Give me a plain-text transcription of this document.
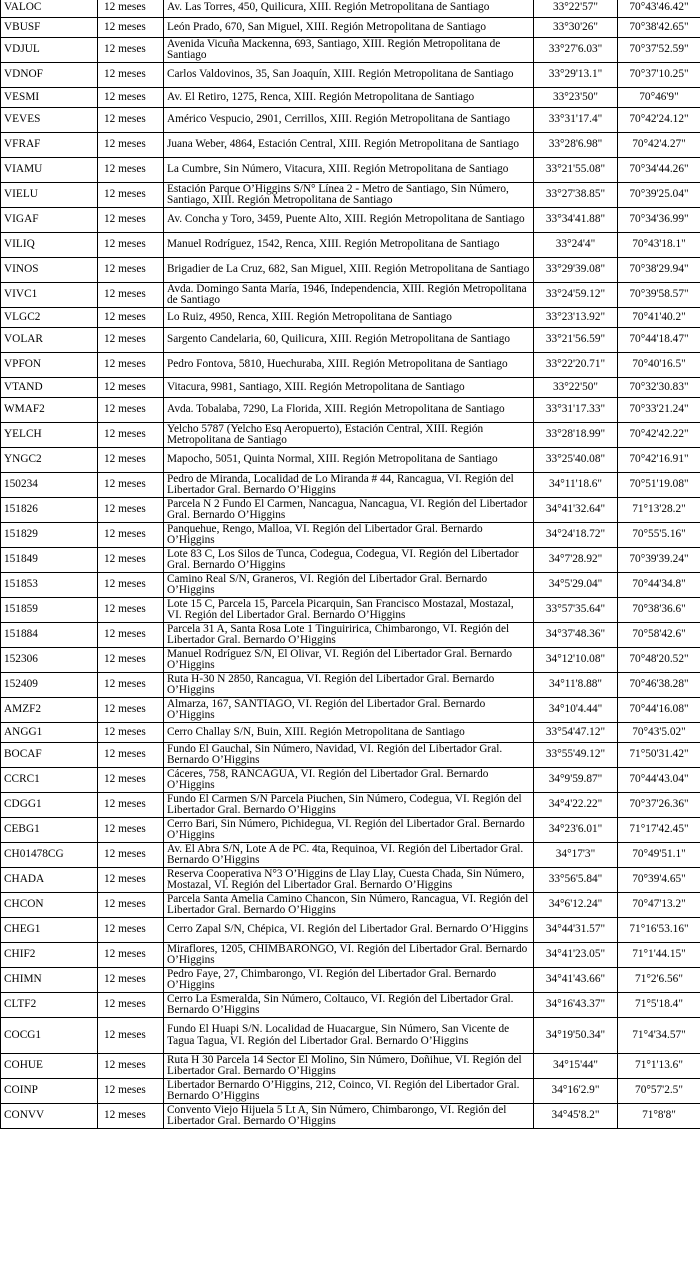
VALOC	12 meses	Av. Las Torres, 450, Quilicura, XIII. Región Metropolitana de Santiago	33°22'57"	70°43'46.42"
VBUSF	12 meses	León Prado, 670, San Miguel, XIII. Región Metropolitana de Santiago	33°30'26"	70°38'42.65"
VDJUL	12 meses	Avenida Vicuña Mackenna, 693, Santiago, XIII. Región Metropolitana de Santiago	33°27'6.03"	70°37'52.59"
VDNOF	12 meses	Carlos Valdovinos, 35, San Joaquín, XIII. Región Metropolitana de Santiago	33°29'13.1"	70°37'10.25"
VESMI	12 meses	Av. El Retiro, 1275, Renca, XIII. Región Metropolitana de Santiago	33°23'50"	70°46'9"
VEVES	12 meses	Américo Vespucio, 2901, Cerrillos, XIII. Región Metropolitana de Santiago	33°31'17.4"	70°42'24.12"
VFRAF	12 meses	Juana Weber, 4864, Estación Central, XIII. Región Metropolitana de Santiago	33°28'6.98"	70°42'4.27"
VIAMU	12 meses	La Cumbre, Sin Número, Vitacura, XIII. Región Metropolitana de Santiago	33°21'55.08"	70°34'44.26"
VIELU	12 meses	Estación Parque O’Higgins S/N° Línea 2 - Metro de Santiago, Sin Número, Santiago, XIII. Región Metropolitana de Santiago	33°27'38.85"	70°39'25.04"
VIGAF	12 meses	Av. Concha y Toro, 3459, Puente Alto, XIII. Región Metropolitana de Santiago	33°34'41.88"	70°34'36.99"
VILIQ	12 meses	Manuel Rodríguez, 1542, Renca, XIII. Región Metropolitana de Santiago	33°24'4"	70°43'18.1"
VINOS	12 meses	Brigadier de La Cruz, 682, San Miguel, XIII. Región Metropolitana de Santiago	33°29'39.08"	70°38'29.94"
VIVC1	12 meses	Avda. Domingo Santa María, 1946, Independencia, XIII. Región Metropolitana de Santiago	33°24'59.12"	70°39'58.57"
VLGC2	12 meses	Lo Ruiz, 4950, Renca, XIII. Región Metropolitana de Santiago	33°23'13.92"	70°41'40.2"
VOLAR	12 meses	Sargento Candelaria, 60, Quilicura, XIII. Región Metropolitana de Santiago	33°21'56.59"	70°44'18.47"
VPFON	12 meses	Pedro Fontova, 5810, Huechuraba, XIII. Región Metropolitana de Santiago	33°22'20.71"	70°40'16.5"
VTAND	12 meses	Vitacura, 9981, Santiago, XIII. Región Metropolitana de Santiago	33°22'50"	70°32'30.83"
WMAF2	12 meses	Avda. Tobalaba, 7290, La Florida, XIII. Región Metropolitana de Santiago	33°31'17.33"	70°33'21.24"
YELCH	12 meses	Yelcho 5787 (Yelcho Esq Aeropuerto), Estación Central, XIII. Región Metropolitana de Santiago	33°28'18.99"	70°42'42.22"
YNGC2	12 meses	Mapocho, 5051, Quinta Normal, XIII. Región Metropolitana de Santiago	33°25'40.08"	70°42'16.91"
150234	12 meses	Pedro de Miranda, Localidad de Lo Miranda # 44, Rancagua, VI. Región del Libertador Gral. Bernardo O’Higgins	34°11'18.6"	70°51'19.08"
151826	12 meses	Parcela N 2 Fundo El Carmen, Nancagua, Nancagua, VI. Región del Libertador Gral. Bernardo O’Higgins	34°41'32.64"	71°13'28.2"
151829	12 meses	Panquehue, Rengo, Malloa, VI. Región del Libertador Gral. Bernardo O’Higgins	34°24'18.72"	70°55'5.16"
151849	12 meses	Lote 83 C, Los Silos de Tunca, Codegua, Codegua, VI. Región del Libertador Gral. Bernardo O’Higgins	34°7'28.92"	70°39'39.24"
151853	12 meses	Camino Real S/N, Graneros, VI. Región del Libertador Gral. Bernardo O’Higgins	34°5'29.04"	70°44'34.8"
151859	12 meses	Lote 15 C, Parcela 15, Parcela Picarquin, San Francisco Mostazal, Mostazal, VI. Región del Libertador Gral. Bernardo O’Higgins	33°57'35.64"	70°38'36.6"
151884	12 meses	Parcela 31 A, Santa Rosa Lote 1 Tinguiririca, Chimbarongo, VI. Región del Libertador Gral. Bernardo O’Higgins	34°37'48.36"	70°58'42.6"
152306	12 meses	Manuel Rodríguez S/N, El Olivar, VI. Región del Libertador Gral. Bernardo O’Higgins	34°12'10.08"	70°48'20.52"
152409	12 meses	Ruta H-30 N 2850, Rancagua, VI. Región del Libertador Gral. Bernardo O’Higgins	34°11'8.88"	70°46'38.28"
AMZF2	12 meses	Almarza, 167, SANTIAGO, VI. Región del Libertador Gral. Bernardo O’Higgins	34°10'4.44"	70°44'16.08"
ANGG1	12 meses	Cerro Challay S/N, Buin, XIII. Región Metropolitana de Santiago	33°54'47.12"	70°43'5.02"
BOCAF	12 meses	Fundo El Gauchal, Sin Número, Navidad, VI. Región del Libertador Gral. Bernardo O’Higgins	33°55'49.12"	71°50'31.42"
CCRC1	12 meses	Cáceres, 758, RANCAGUA, VI. Región del Libertador Gral. Bernardo O’Higgins	34°9'59.87"	70°44'43.04"
CDGG1	12 meses	Fundo El Carmen S/N Parcela Piuchen, Sin Número, Codegua, VI. Región del Libertador Gral. Bernardo O’Higgins	34°4'22.22"	70°37'26.36"
CEBG1	12 meses	Cerro Bari, Sin Número, Pichidegua, VI. Región del Libertador Gral. Bernardo O’Higgins	34°23'6.01"	71°17'42.45"
CH01478CG	12 meses	Av. El Abra S/N, Lote A de PC. 4ta, Requinoa, VI. Región del Libertador Gral. Bernardo O’Higgins	34°17'3"	70°49'51.1"
CHADA	12 meses	Reserva Cooperativa N°3 O’Higgins de Llay Llay, Cuesta Chada, Sin Número, Mostazal, VI. Región del Libertador Gral. Bernardo O’Higgins	33°56'5.84"	70°39'4.65"
CHCON	12 meses	Parcela Santa Amelia Camino Chancon, Sin Número, Rancagua, VI. Región del Libertador Gral. Bernardo O’Higgins	34°6'12.24"	70°47'13.2"
CHEG1	12 meses	Cerro Zapal S/N, Chépica, VI. Región del Libertador Gral. Bernardo O’Higgins	34°44'31.57"	71°16'53.16"
CHIF2	12 meses	Miraflores, 1205, CHIMBARONGO, VI. Región del Libertador Gral. Bernardo O’Higgins	34°41'23.05"	71°1'44.15"
CHIMN	12 meses	Pedro Faye, 27, Chimbarongo, VI. Región del Libertador Gral. Bernardo O’Higgins	34°41'43.66"	71°2'6.56"
CLTF2	12 meses	Cerro La Esmeralda, Sin Número, Coltauco, VI. Región del Libertador Gral. Bernardo O’Higgins	34°16'43.37"	71°5'18.4"
COCG1	12 meses	Fundo El Huapi S/N. Localidad de Huacargue, Sin Número, San Vicente de Tagua Tagua, VI. Región del Libertador Gral. Bernardo O’Higgins	34°19'50.34"	71°4'34.57"
COHUE	12 meses	Ruta H 30 Parcela 14 Sector El Molino, Sin Número, Doñihue, VI. Región del Libertador Gral. Bernardo O’Higgins	34°15'44"	71°1'13.6"
COINP	12 meses	Libertador Bernardo O’Higgins, 212, Coinco, VI. Región del Libertador Gral. Bernardo O’Higgins	34°16'2.9"	70°57'2.5"
CONVV	12 meses	Convento Viejo Hijuela 5 Lt A, Sin Número, Chimbarongo, VI. Región del Libertador Gral. Bernardo O’Higgins	34°45'8.2"	71°8'8"
